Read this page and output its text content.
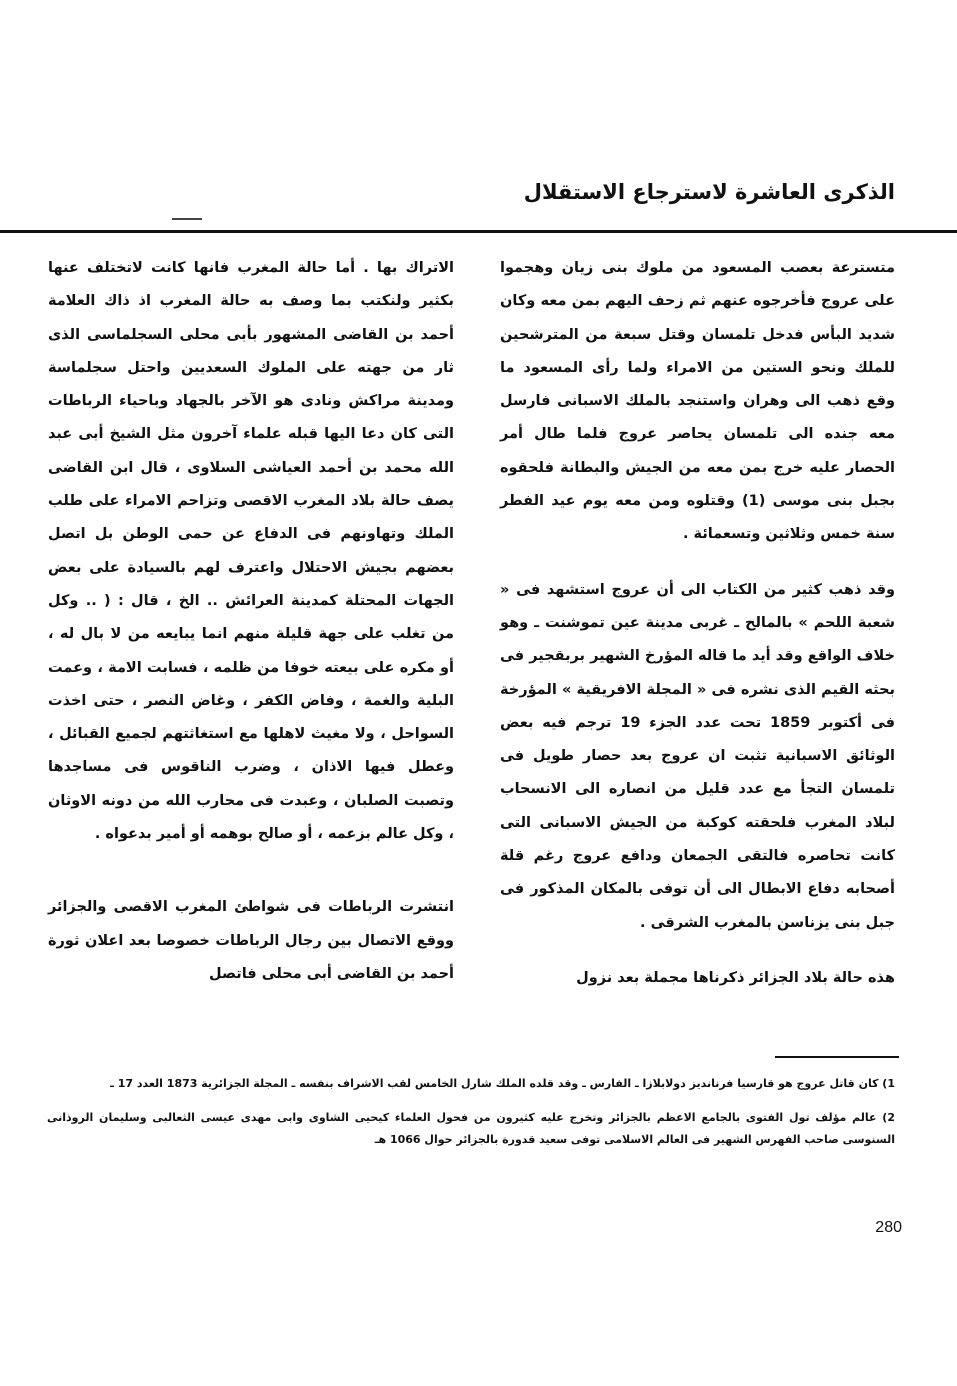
الذكرى العاشرة لاسترجاع الاستقلال

متسترعة بعصب المسعود من ملوك بنى زيان وهجموا على عروج فأخرجوه عنهم ثم زحف اليهم بمن معه وكان شديد البأس فدخل تلمسان وقتل سبعة من المترشحين للملك ونحو الستين من الامراء ولما رأى المسعود ما وقع ذهب الى وهران واستنجد بالملك الاسبانى فارسل معه جنده الى تلمسان يحاصر عروج فلما طال أمر الحصار عليه خرج بمن معه من الجيش والبطانة فلحقوه بجبل بنى موسى (1) وقتلوه ومن معه يوم عيد الفطر سنة خمس وثلاثين وتسعمائة .

وقد ذهب كثير من الكتاب الى أن عروج استشهد فى « شعبة اللحم » بالمالح ـ غربى مدينة عين تموشنت ـ وهو خلاف الواقع وقد أيد ما قاله المؤرخ الشهير بربقجير فى بحثه القيم الذى نشره فى « المجلة الافريقية » المؤرخة فى أكتوبر 1859 تحت عدد الجزء 19 ترجم فيه بعض الوثائق الاسبانية تثبت ان عروج بعد حصار طويل فى تلمسان التجأ مع عدد قليل من انصاره الى الانسحاب لبلاد المغرب فلحقته كوكبة من الجيش الاسبانى التى كانت تحاصره فالتقى الجمعان ودافع عروج رغم قلة أصحابه دفاع الابطال الى أن توفى بالمكان المذكور فى جبل بنى يزناسن بالمغرب الشرقى .

هذه حالة بلاد الجزائر ذكرناها مجملة بعد نزول

الاتراك بها . أما حالة المغرب فانها كانت لاتختلف عنها بكثير ولنكتب بما وصف به حالة المغرب اذ ذاك العلامة أحمد بن القاضى المشهور بأبى محلى السجلماسى الذى ثار من جهته على الملوك السعديين واحتل سجلماسة ومدينة مراكش ونادى هو الآخر بالجهاد وباحياء الرباطات التى كان دعا اليها قبله علماء آخرون مثل الشيخ أبى عبد الله محمد بن أحمد العياشى السلاوى ، قال ابن القاضى يصف حالة بلاد المغرب الاقصى وتزاحم الامراء على طلب الملك وتهاونهم فى الدفاع عن حمى الوطن بل اتصل بعضهم بجيش الاحتلال واعترف لهم بالسيادة على بعض الجهات المحتلة كمدينة العرائش .. الخ ، قال : ( .. وكل من تغلب على جهة قليلة منهم انما يبايعه من لا بال له ، أو مكره على بيعته خوفا من ظلمه ، فسابت الامة ، وعمت البلية والغمة ، وفاض الكفر ، وغاض النصر ، حتى اخذت السواحل ، ولا مغيث لاهلها مع استغاثتهم لجميع القبائل ، وعطل فيها الاذان ، وضرب الناقوس فى مساجدها وتصبت الصلبان ، وعبدت فى محارب الله من دونه الاوثان ، وكل عالم بزعمه ، أو صالح بوهمه أو أمير بدعواه .

انتشرت الرباطات فى شواطئ المغرب الاقصى والجزائر ووقع الاتصال بين رجال الرباطات خصوصا بعد اعلان ثورة أحمد بن القاضى أبى محلى فاتصل

1) كان قاتل عروج هو قارسيا فرنانديز دولابلازا ـ الفارس ـ وقد قلده الملك شارل الخامس لقب الاشراف بنفسه ـ المجلة الجزائرية 1873 العدد 17 ـ

2) عالم مؤلف تول الفتوى بالجامع الاعظم بالجزائر وتخرج عليه كثيرون من فحول العلماء كيحيى الشاوى وابى مهدى عيسى الثعالبى وسليمان الروذانى السنوسى صاحب الفهرس الشهير فى العالم الاسلامى توفى سعيد قدورة بالجزائر حوال 1066 هـ

280
